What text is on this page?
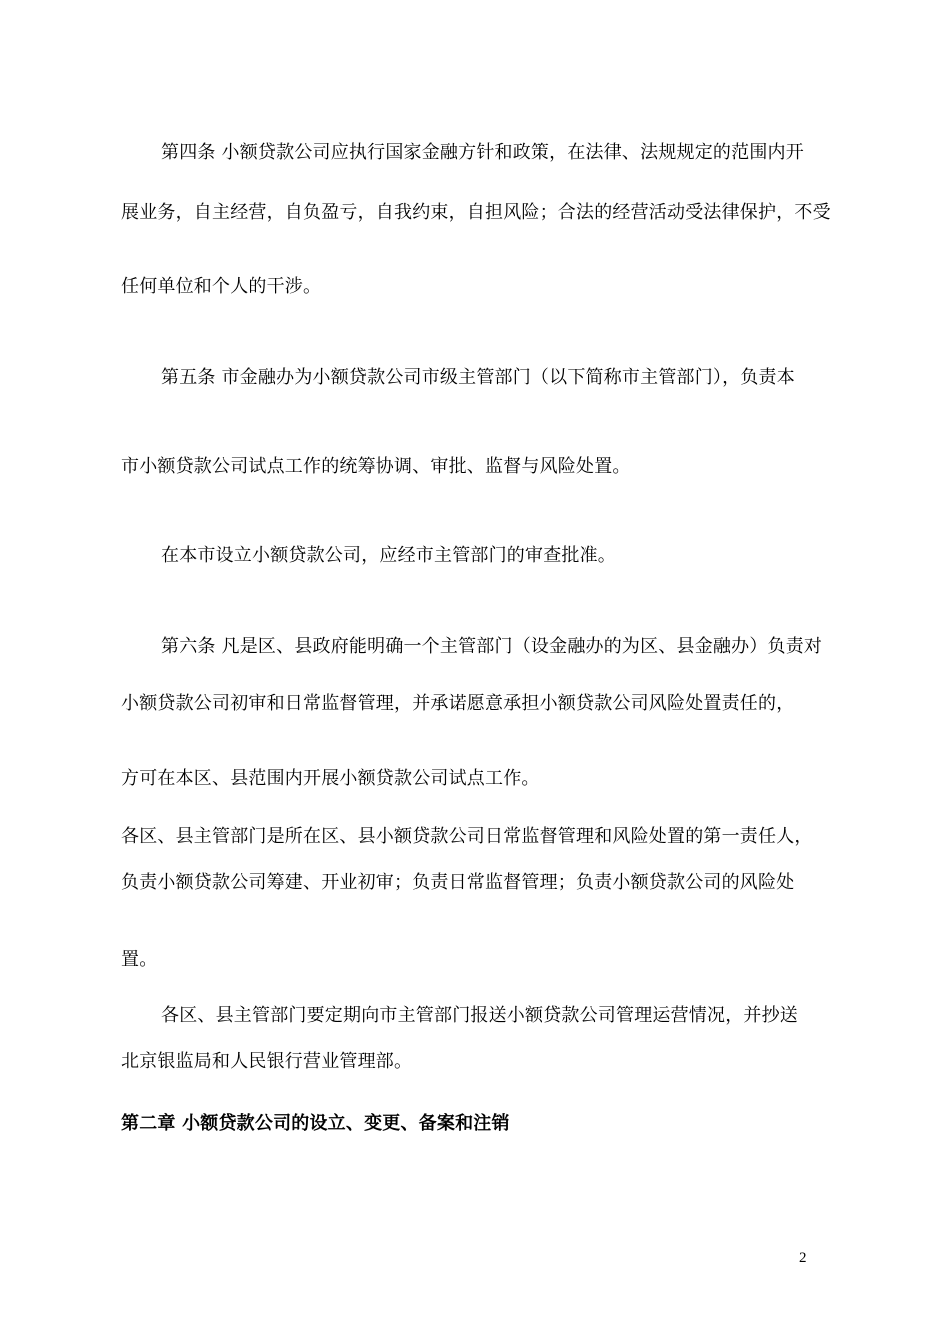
第四条 小额贷款公司应执行国家金融方针和政策，在法律、法规规定的范围内开
展业务，自主经营，自负盈亏，自我约束，自担风险；合法的经营活动受法律保护，不受
任何单位和个人的干涉。
第五条 市金融办为小额贷款公司市级主管部门（以下简称市主管部门），负责本
市小额贷款公司试点工作的统筹协调、审批、监督与风险处置。
在本市设立小额贷款公司，应经市主管部门的审查批准。
第六条 凡是区、县政府能明确一个主管部门（设金融办的为区、县金融办）负责对
小额贷款公司初审和日常监督管理，并承诺愿意承担小额贷款公司风险处置责任的，
方可在本区、县范围内开展小额贷款公司试点工作。
各区、县主管部门是所在区、县小额贷款公司日常监督管理和风险处置的第一责任人，
负责小额贷款公司筹建、开业初审；负责日常监督管理；负责小额贷款公司的风险处
置。
各区、县主管部门要定期向市主管部门报送小额贷款公司管理运营情况，并抄送
北京银监局和人民银行营业管理部。
第二章 小额贷款公司的设立、变更、备案和注销
2
